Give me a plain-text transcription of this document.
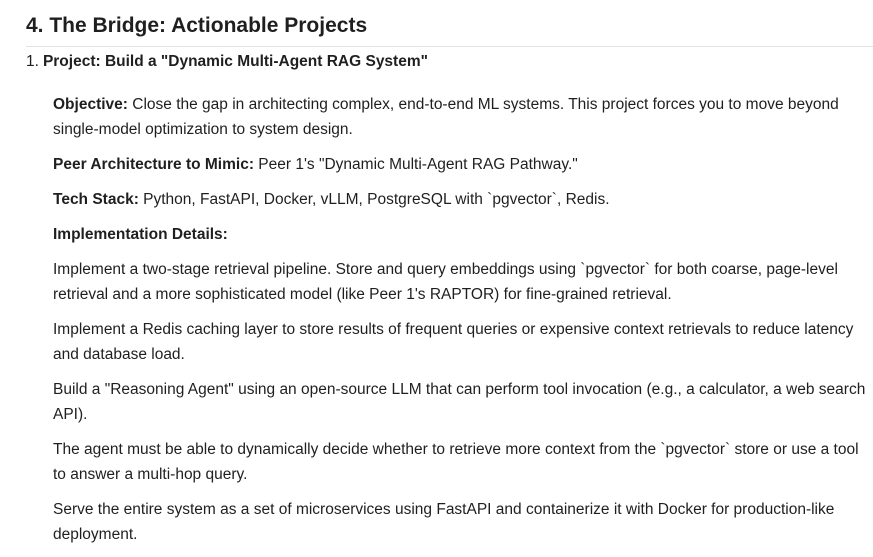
4. The Bridge: Actionable Projects
1. Project: Build a "Dynamic Multi-Agent RAG System"

Objective: Close the gap in architecting complex, end-to-end ML systems. This project forces you to move beyond single-model optimization to system design.

Peer Architecture to Mimic: Peer 1's "Dynamic Multi-Agent RAG Pathway."

Tech Stack: Python, FastAPI, Docker, vLLM, PostgreSQL with `pgvector`, Redis.

Implementation Details:

Implement a two-stage retrieval pipeline. Store and query embeddings using `pgvector` for both coarse, page-level retrieval and a more sophisticated model (like Peer 1's RAPTOR) for fine-grained retrieval.

Implement a Redis caching layer to store results of frequent queries or expensive context retrievals to reduce latency and database load.

Build a "Reasoning Agent" using an open-source LLM that can perform tool invocation (e.g., a calculator, a web search API).

The agent must be able to dynamically decide whether to retrieve more context from the `pgvector` store or use a tool to answer a multi-hop query.

Serve the entire system as a set of microservices using FastAPI and containerize it with Docker for production-like deployment.
